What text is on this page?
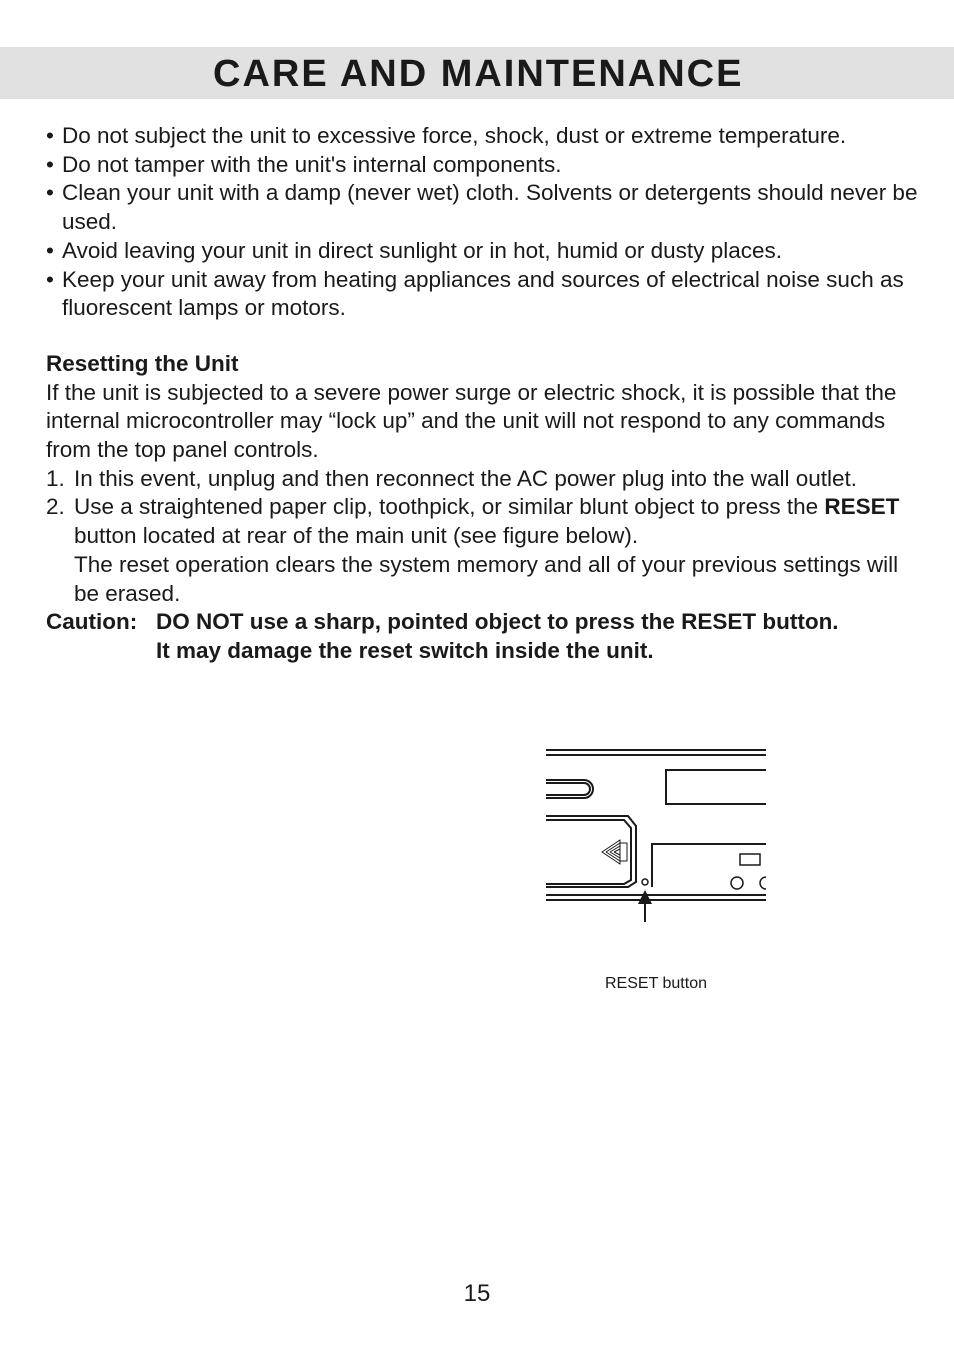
CARE AND MAINTENANCE
• Do not subject the unit to excessive force, shock, dust or extreme temperature.
• Do not tamper with the unit's internal components.
• Clean your unit with a damp (never wet) cloth. Solvents or detergents should never be used.
• Avoid leaving your unit in direct sunlight or in hot, humid or dusty places.
• Keep your unit away from heating appliances and sources of electrical noise such as fluorescent lamps or motors.
Resetting the Unit
If the unit is subjected to a severe power surge or electric shock, it is possible that the internal microcontroller may “lock up” and the unit will not respond to any commands from the top panel controls.
1. In this event, unplug and then reconnect the AC power plug into the wall outlet.
2. Use a straightened paper clip, toothpick, or similar blunt object to press the RESET button located at rear of the main unit (see figure below).
The reset operation clears the system memory and all of your previous settings will be erased.
Caution: DO NOT use a sharp, pointed object to press the RESET button.
It may damage the reset switch inside the unit.
RESET button
15
